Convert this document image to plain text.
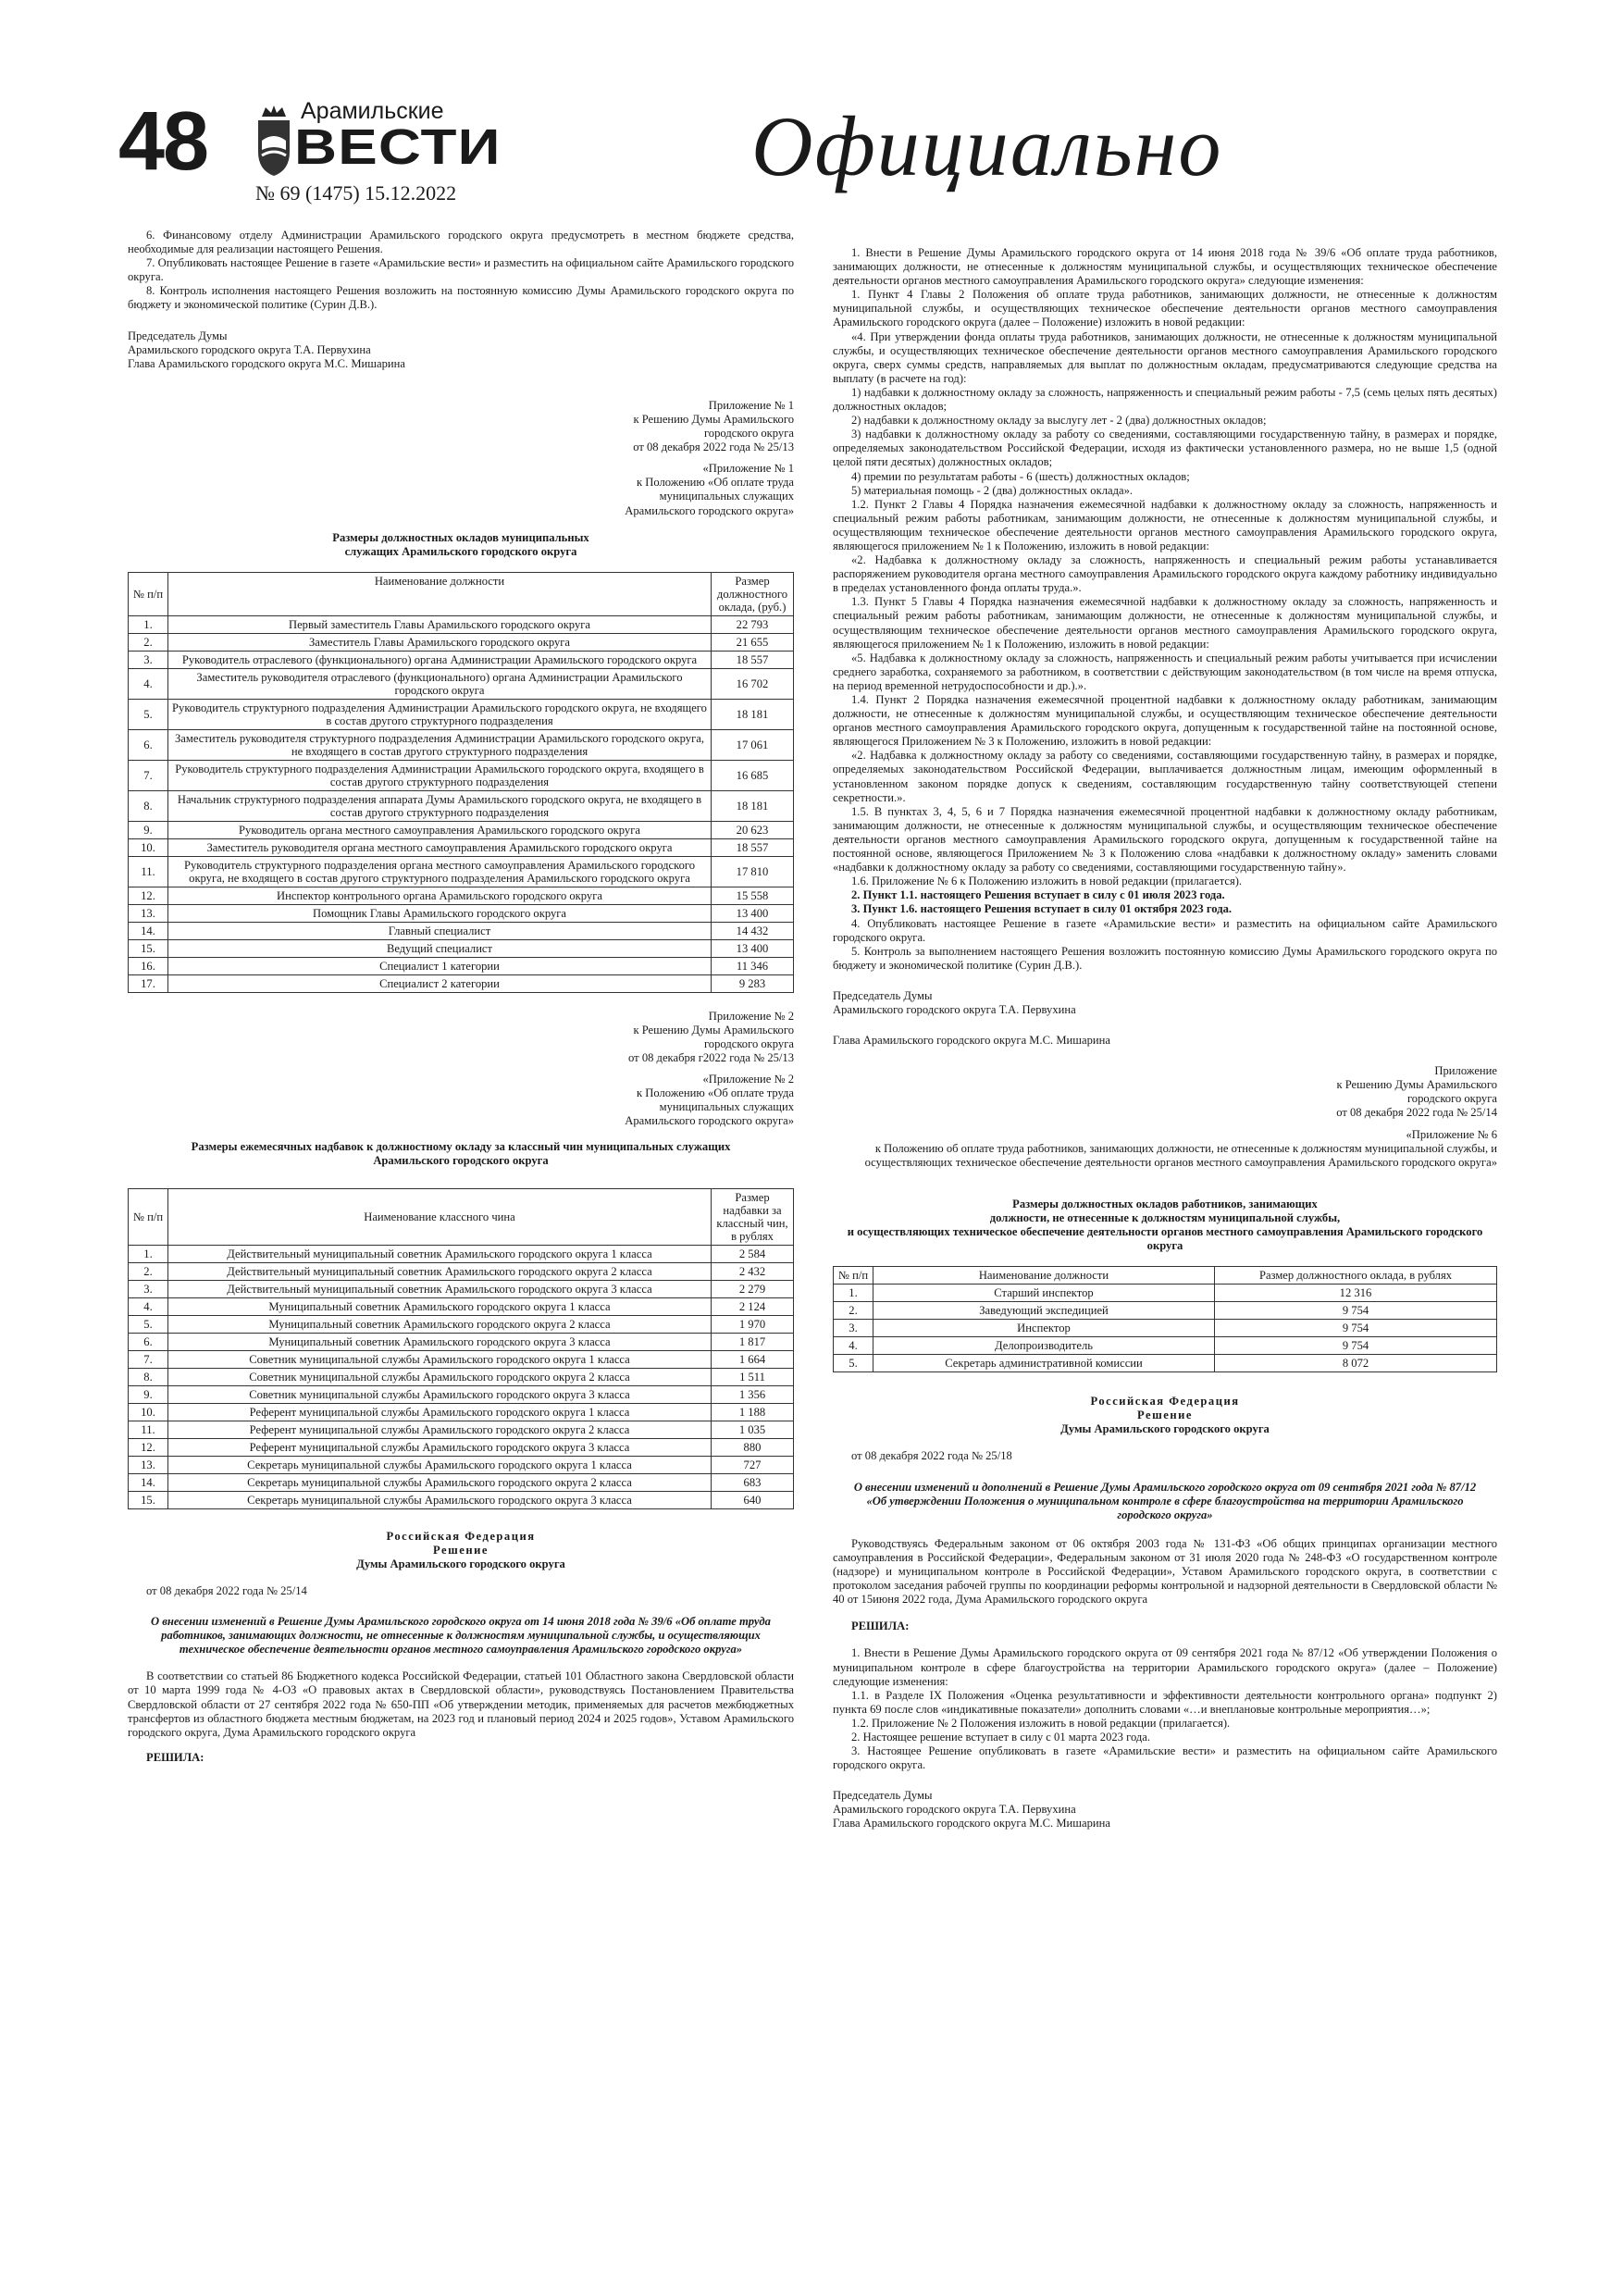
48	Арамильские
ВЕСТИ
№ 69 (1475) 15.12.2022	Официально

6. Финансовому отделу Администрации Арамильского городского округа предусмотреть в местном бюджете средства, необходимые для реализации настоящего Решения.

7. Опубликовать настоящее Решение в газете «Арамильские вести» и разместить на официальном сайте Арамильского городского округа.

8. Контроль исполнения настоящего Решения возложить на постоянную комиссию Думы Арамильского городского округа по бюджету и экономической политике (Сурин Д.В.).

Председатель Думы

Арамильского городского округа Т.А. Первухина

Глава Арамильского городского округа М.С. Мишарина

Приложение № 1
к Решению Думы Арамильского
городского округа
от 08 декабря 2022 года № 25/13
«Приложение № 1
к Положению «Об оплате труда
муниципальных служащих
Арамильского городского округа»
Размеры должностных окладов муниципальных
служащих Арамильского городского округа
№ п/п	Наименование должности	Размер должностного оклада, (руб.)
1.	Первый заместитель Главы Арамильского городского округа	22 793
2.	Заместитель Главы Арамильского городского округа	21 655
3.	Руководитель отраслевого (функционального) органа Администрации Арамильского городского округа	18 557
4.	Заместитель руководителя отраслевого (функционального) органа Администрации Арамильского городского округа	16 702
5.	Руководитель структурного подразделения Администрации Арамильского городского округа, не входящего в состав другого структурного подразделения	18 181
6.	Заместитель руководителя структурного подразделения Администрации Арамильского городского округа, не входящего в состав другого структурного подразделения	17 061
7.	Руководитель структурного подразделения Администрации Арамильского городского округа, входящего в состав другого структурного подразделения	16 685
8.	Начальник структурного подразделения аппарата Думы Арамильского городского округа, не входящего в состав другого структурного подразделения	18 181
9.	Руководитель органа местного самоуправления Арамильского городского округа	20 623
10.	Заместитель руководителя органа местного самоуправления Арамильского городского округа	18 557
11.	Руководитель структурного подразделения органа местного самоуправления Арамильского городского округа, не входящего в состав другого структурного подразделения Арамильского городского округа	17 810
12.	Инспектор контрольного органа Арамильского городского округа	15 558
13.	Помощник Главы Арамильского городского округа	13 400
14.	Главный специалист	14 432
15.	Ведущий специалист	13 400
16.	Специалист 1 категории	11 346
17.	Специалист 2 категории	9 283
Приложение № 2
к Решению Думы Арамильского
городского округа
от 08 декабря г2022 года № 25/13
«Приложение № 2
к Положению «Об оплате труда
муниципальных служащих
Арамильского городского округа»
Размеры ежемесячных надбавок к должностному окладу за классный чин муниципальных служащих Арамильского городского округа
№ п/п	Наименование классного чина	Размер надбавки за классный чин, в рублях
1.	Действительный муниципальный советник Арамильского городского округа 1 класса	2 584
2.	Действительный муниципальный советник Арамильского городского округа 2 класса	2 432
3.	Действительный муниципальный советник Арамильского городского округа 3 класса	2 279
4.	Муниципальный советник Арамильского городского округа 1 класса	2 124
5.	Муниципальный советник Арамильского городского округа 2 класса	1 970
6.	Муниципальный советник Арамильского городского округа 3 класса	1 817
7.	Советник муниципальной службы Арамильского городского округа 1 класса	1 664
8.	Советник муниципальной службы Арамильского городского округа 2 класса	1 511
9.	Советник муниципальной службы Арамильского городского округа 3 класса	1 356
10.	Референт муниципальной службы Арамильского городского округа 1 класса	1 188
11.	Референт муниципальной службы Арамильского городского округа 2 класса	1 035
12.	Референт муниципальной службы Арамильского городского округа 3 класса	880
13.	Секретарь муниципальной службы Арамильского городского округа 1 класса	727
14.	Секретарь муниципальной службы Арамильского городского округа 2 класса	683
15.	Секретарь муниципальной службы Арамильского городского округа 3 класса	640
Российская Федерация
Решение
Думы Арамильского городского округа

от 08 декабря 2022 года № 25/14

О внесении изменений в Решение Думы Арамильского городского округа от 14 июня 2018 года № 39/6 «Об оплате труда работников, занимающих должности, не отнесенные к должностям муниципальной службы, и осуществляющих техническое обеспечение деятельности органов местного самоуправления Арамильского городского округа»

В соответствии со статьей 86 Бюджетного кодекса Российской Федерации, статьей 101 Областного закона Свердловской области от 10 марта 1999 года № 4-ОЗ «О правовых актах в Свердловской области», руководствуясь Постановлением Правительства Свердловской области от 27 сентября 2022 года № 650-ПП «Об утверждении методик, применяемых для расчетов межбюджетных трансфертов из областного бюджета местным бюджетам, на 2023 год и плановый период 2024 и 2025 годов», Уставом Арамильского городского округа, Дума Арамильского городского округа

РЕШИЛА:

1. Внести в Решение Думы Арамильского городского округа от 14 июня 2018 года № 39/6 «Об оплате труда работников, занимающих должности, не отнесенные к должностям муниципальной службы, и осуществляющих техническое обеспечение деятельности органов местного самоуправления Арамильского городского округа» следующие изменения:

1. Пункт 4 Главы 2 Положения об оплате труда работников, занимающих должности, не отнесенные к должностям муниципальной службы, и осуществляющих техническое обеспечение деятельности органов местного самоуправления Арамильского городского округа (далее – Положение) изложить в новой редакции:

«4. При утверждении фонда оплаты труда работников, занимающих должности, не отнесенные к должностям муниципальной службы, и осуществляющих техническое обеспечение деятельности органов местного самоуправления Арамильского городского округа, сверх суммы средств, направляемых для выплат по должностным окладам, предусматриваются следующие средства на выплату (в расчете на год):

1) надбавки к должностному окладу за сложность, напряженность и специальный режим работы - 7,5 (семь целых пять десятых) должностных окладов;

2) надбавки к должностному окладу за выслугу лет - 2 (два) должностных окладов;

3) надбавки к должностному окладу за работу со сведениями, составляющими государственную тайну, в размерах и порядке, определяемых законодательством Российской Федерации, исходя из фактически установленного размера, но не выше 1,5 (одной целой пяти десятых) должностных окладов;

4) премии по результатам работы - 6 (шесть) должностных окладов;

5) материальная помощь - 2 (два) должностных оклада».

1.2. Пункт 2 Главы 4 Порядка назначения ежемесячной надбавки к должностному окладу за сложность, напряженность и специальный режим работы работникам, занимающим должности, не отнесенные к должностям муниципальной службы, и осуществляющим техническое обеспечение деятельности органов местного самоуправления Арамильского городского округа, являющегося приложением № 1 к Положению, изложить в новой редакции:

«2. Надбавка к должностному окладу за сложность, напряженность и специальный режим работы устанавливается распоряжением руководителя органа местного самоуправления Арамильского городского округа каждому работнику индивидуально в пределах установленного фонда оплаты труда.».

1.3. Пункт 5 Главы 4 Порядка назначения ежемесячной надбавки к должностному окладу за сложность, напряженность и специальный режим работы работникам, занимающим должности, не отнесенные к должностям муниципальной службы, и осуществляющим техническое обеспечение деятельности органов местного самоуправления Арамильского городского округа, являющегося приложением № 1 к Положению, изложить в новой редакции:

«5. Надбавка к должностному окладу за сложность, напряженность и специальный режим работы учитывается при исчислении среднего заработка, сохраняемого за работником, в соответствии с действующим законодательством (в том числе на время отпуска, на период временной нетрудоспособности и др.).».

1.4. Пункт 2 Порядка назначения ежемесячной процентной надбавки к должностному окладу работникам, занимающим должности, не отнесенные к должностям муниципальной службы, и осуществляющим техническое обеспечение деятельности органов местного самоуправления Арамильского городского округа, допущенным к государственной тайне на постоянной основе, являющегося Приложением № 3 к Положению, изложить в новой редакции:

«2. Надбавка к должностному окладу за работу со сведениями, составляющими государственную тайну, в размерах и порядке, определяемых законодательством Российской Федерации, выплачивается должностным лицам, имеющим оформленный в установленном законом порядке допуск к сведениям, составляющим государственную тайну соответствующей степени секретности.».

1.5. В пунктах 3, 4, 5, 6 и 7 Порядка назначения ежемесячной процентной надбавки к должностному окладу работникам, занимающим должности, не отнесенные к должностям муниципальной службы, и осуществляющим техническое обеспечение деятельности органов местного самоуправления Арамильского городского округа, допущенным к государственной тайне на постоянной основе, являющегося Приложением № 3 к Положению слова «надбавки к должностному окладу» заменить словами «надбавки к должностному окладу за работу со сведениями, составляющими государственную тайну».

1.6. Приложение № 6 к Положению изложить в новой редакции (прилагается).

2. Пункт 1.1. настоящего Решения вступает в силу с 01 июля 2023 года.

3. Пункт 1.6. настоящего Решения вступает в силу 01 октября 2023 года.

4. Опубликовать настоящее Решение в газете «Арамильские вести» и разместить на официальном сайте Арамильского городского округа.

5. Контроль за выполнением настоящего Решения возложить постоянную комиссию Думы Арамильского городского округа по бюджету и экономической политике (Сурин Д.В.).

Председатель Думы

Арамильского городского округа Т.А. Первухина

Глава Арамильского городского округа М.С. Мишарина

Приложение
к Решению Думы Арамильского
городского округа
от 08 декабря 2022 года № 25/14
«Приложение № 6
к Положению об оплате труда работников, занимающих должности, не отнесенные к должностям муниципальной службы, и осуществляющих техническое обеспечение деятельности органов местного самоуправления Арамильского городского округа»
Размеры должностных окладов работников, занимающих
должности, не отнесенные к должностям муниципальной службы,
и осуществляющих техническое обеспечение деятельности органов местного самоуправления Арамильского городского округа
№ п/п	Наименование должности	Размер должностного оклада, в рублях
1.	Старший инспектор	12 316
2.	Заведующий экспедицией	9 754
3.	Инспектор	9 754
4.	Делопроизводитель	9 754
5.	Секретарь административной комиссии	8 072
Российская Федерация
Решение
Думы Арамильского городского округа

от 08 декабря 2022 года № 25/18

О внесении изменений и дополнений в Решение Думы Арамильского городского округа от 09 сентября 2021 года № 87/12 «Об утверждении Положения о муниципальном контроле в сфере благоустройства на территории Арамильского городского округа»

Руководствуясь Федеральным законом от 06 октября 2003 года № 131-ФЗ «Об общих принципах организации местного самоуправления в Российской Федерации», Федеральным законом от 31 июля 2020 года № 248-ФЗ «О государственном контроле (надзоре) и муниципальном контроле в Российской Федерации», Уставом Арамильского городского округа, в соответствии с протоколом заседания рабочей группы по координации реформы контрольной и надзорной деятельности в Свердловской области № 40 от 15июня 2022 года, Дума Арамильского городского округа

РЕШИЛА:

1. Внести в Решение Думы Арамильского городского округа от 09 сентября 2021 года № 87/12 «Об утверждении Положения о муниципальном контроле в сфере благоустройства на территории Арамильского городского округа» (далее – Положение) следующие изменения:

1.1. в Разделе IX Положения «Оценка результативности и эффективности деятельности контрольного органа» подпункт 2) пункта 69 после слов «индикативные показатели» дополнить словами «…и внеплановые контрольные мероприятия…»;

1.2. Приложение № 2 Положения изложить в новой редакции (прилагается).

2. Настоящее решение вступает в силу с 01 марта 2023 года.

3. Настоящее Решение опубликовать в газете «Арамильские вести» и разместить на официальном сайте Арамильского городского округа.

Председатель Думы

Арамильского городского округа Т.А. Первухина

Глава Арамильского городского округа М.С. Мишарина
